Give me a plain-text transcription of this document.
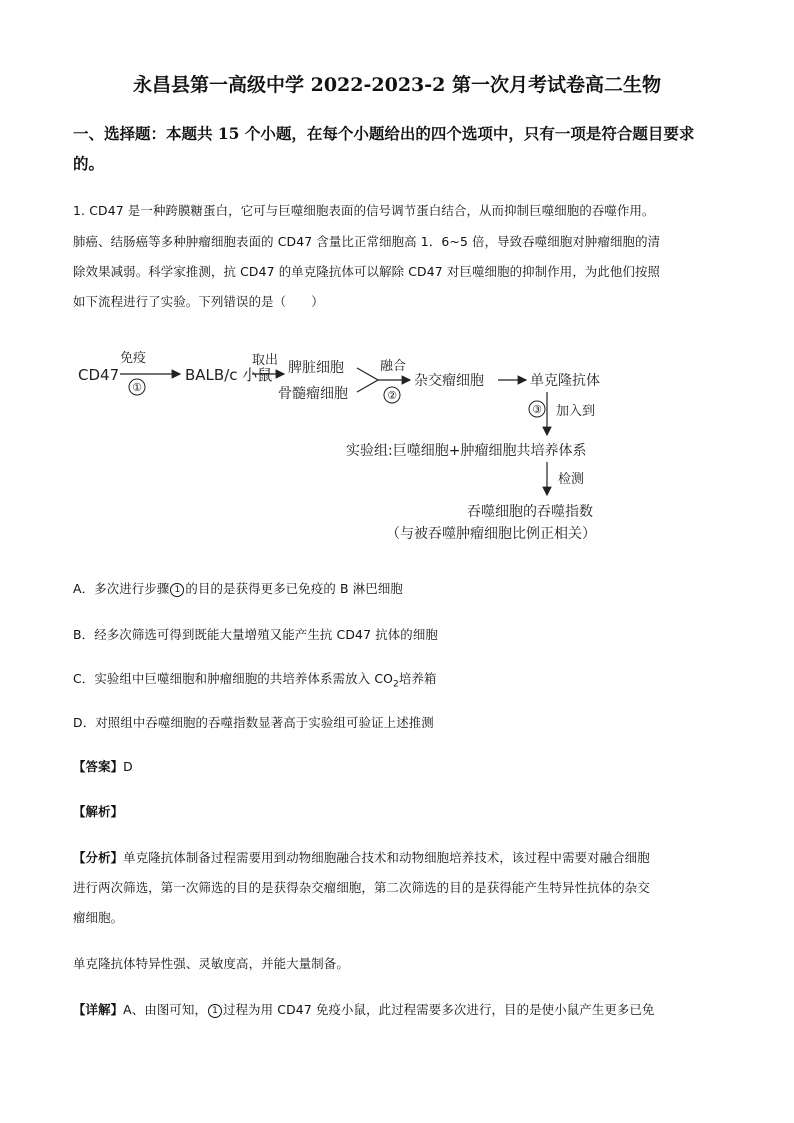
永昌县第一高级中学 2022-2023-2 第一次月考试卷高二生物
一、选择题：本题共 15 个小题，在每个小题给出的四个选项中，只有一项是符合题目要求
的。
1. CD47 是一种跨膜糖蛋白，它可与巨噬细胞表面的信号调节蛋白结合，从而抑制巨噬细胞的吞噬作用。
肺癌、结肠癌等多种肿瘤细胞表面的 CD47 含量比正常细胞高 1．6~5 倍，导致吞噬细胞对肿瘤细胞的清
除效果减弱。科学家推测，抗 CD47 的单克隆抗体可以解除 CD47 对巨噬细胞的抑制作用，为此他们按照
如下流程进行了实验。下列错误的是（　　）
CD47
免疫
①
BALB/c 小鼠
取出 脾脏细胞
骨髓瘤细胞
融合
②
杂交瘤细胞	单克隆抗体
③ 加入到
实验组:巨噬细胞+肿瘤细胞共培养体系
检测
吞噬细胞的吞噬指数
（与被吞噬肿瘤细胞比例正相关）
A．多次进行步骤 1 的目的是获得更多已免疫的 B 淋巴细胞
B．经多次筛选可得到既能大量增殖又能产生抗 CD47 抗体的细胞
C．实验组中巨噬细胞和肿瘤细胞的共培养体系需放入 $CO_2$培养箱
D．对照组中吞噬细胞的吞噬指数显著高于实验组可验证上述推测
【答案】D
【解析】
【分析】单克隆抗体制备过程需要用到动物细胞融合技术和动物细胞培养技术，该过程中需要对融合细胞
进行两次筛选，第一次筛选的目的是获得杂交瘤细胞，第二次筛选的目的是获得能产生特异性抗体的杂交
瘤细胞。
单克隆抗体特异性强、灵敏度高，并能大量制备。
【详解】A、由图可知， 1 过程为用 CD47 免疫小鼠，此过程需要多次进行，目的是使小鼠产生更多已免
